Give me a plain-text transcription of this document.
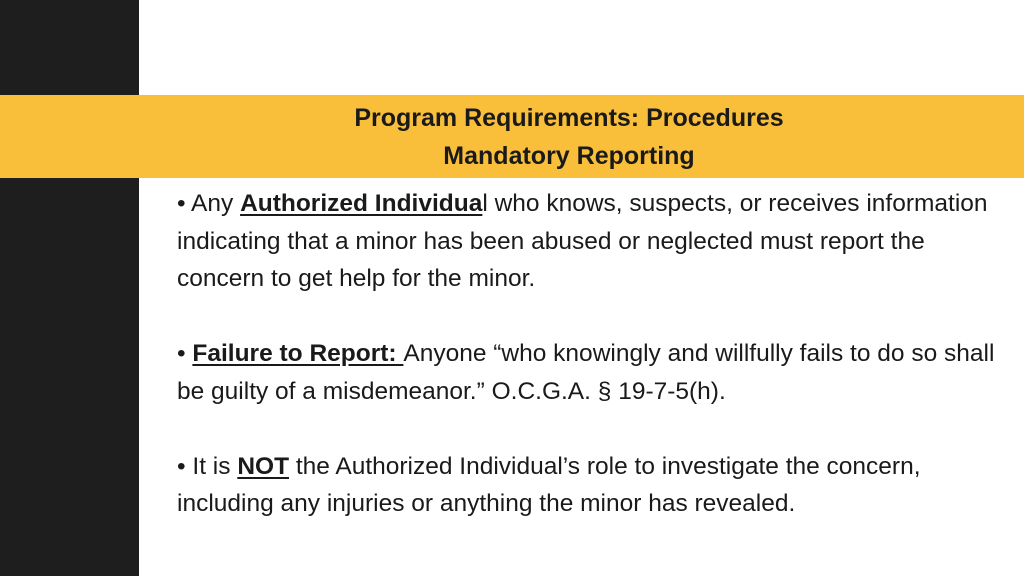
Program Requirements: Procedures
Mandatory Reporting

• Any Authorized Individual who knows, suspects, or receives information indicating that a minor has been abused or neglected must report the concern to get help for the minor.

• Failure to Report: Anyone “who knowingly and willfully fails to do so shall be guilty of a misdemeanor.” O.C.G.A. § 19-7-5(h).

• It is NOT the Authorized Individual’s role to investigate the concern, including any injuries or anything the minor has revealed.
